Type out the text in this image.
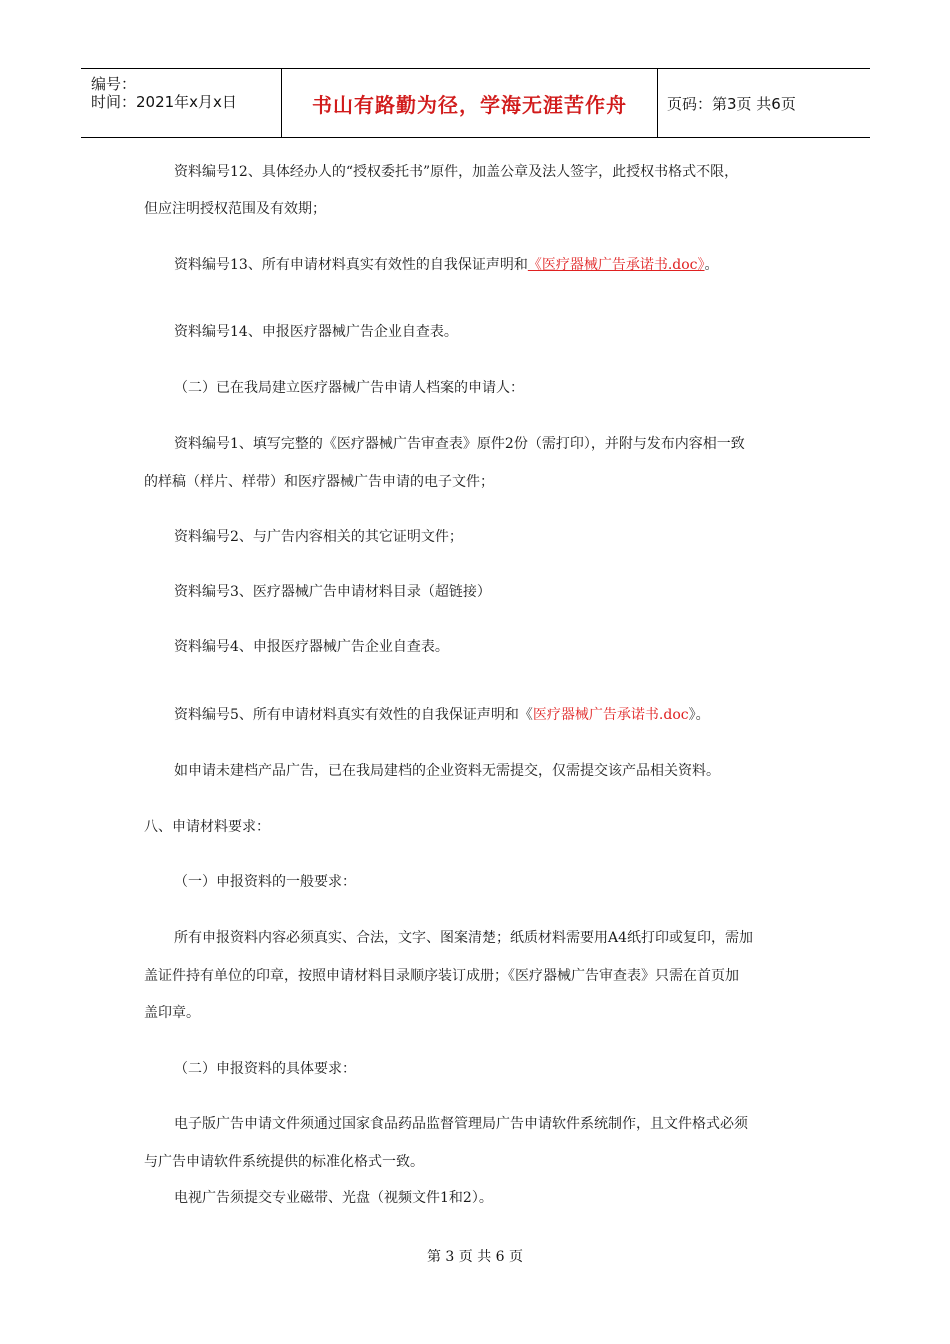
编号：
时间：2021年x月x日	书山有路勤为径，学海无涯苦作舟	页码：第3页 共6页
资料编号12、具体经办人的“授权委托书”原件，加盖公章及法人签字，此授权书格式不限，
但应注明授权范围及有效期；
资料编号13、所有申请材料真实有效性的自我保证声明和《医疗器械广告承诺书.doc》。
资料编号14、申报医疗器械广告企业自查表。
（二）已在我局建立医疗器械广告申请人档案的申请人：
资料编号1、填写完整的《医疗器械广告审查表》原件2份（需打印），并附与发布内容相一致
的样稿（样片、样带）和医疗器械广告申请的电子文件；
资料编号2、与广告内容相关的其它证明文件；
资料编号3、医疗器械广告申请材料目录（超链接）
资料编号4、申报医疗器械广告企业自查表。
资料编号5、所有申请材料真实有效性的自我保证声明和《医疗器械广告承诺书.doc》。
如申请未建档产品广告，已在我局建档的企业资料无需提交，仅需提交该产品相关资料。
八、申请材料要求：
（一）申报资料的一般要求：
所有申报资料内容必须真实、合法，文字、图案清楚；纸质材料需要用A4纸打印或复印，需加
盖证件持有单位的印章，按照申请材料目录顺序装订成册；《医疗器械广告审查表》只需在首页加
盖印章。
（二）申报资料的具体要求：
电子版广告申请文件须通过国家食品药品监督管理局广告申请软件系统制作，且文件格式必须
与广告申请软件系统提供的标准化格式一致。
电视广告须提交专业磁带、光盘（视频文件1和2）。
第 3 页 共 6 页
